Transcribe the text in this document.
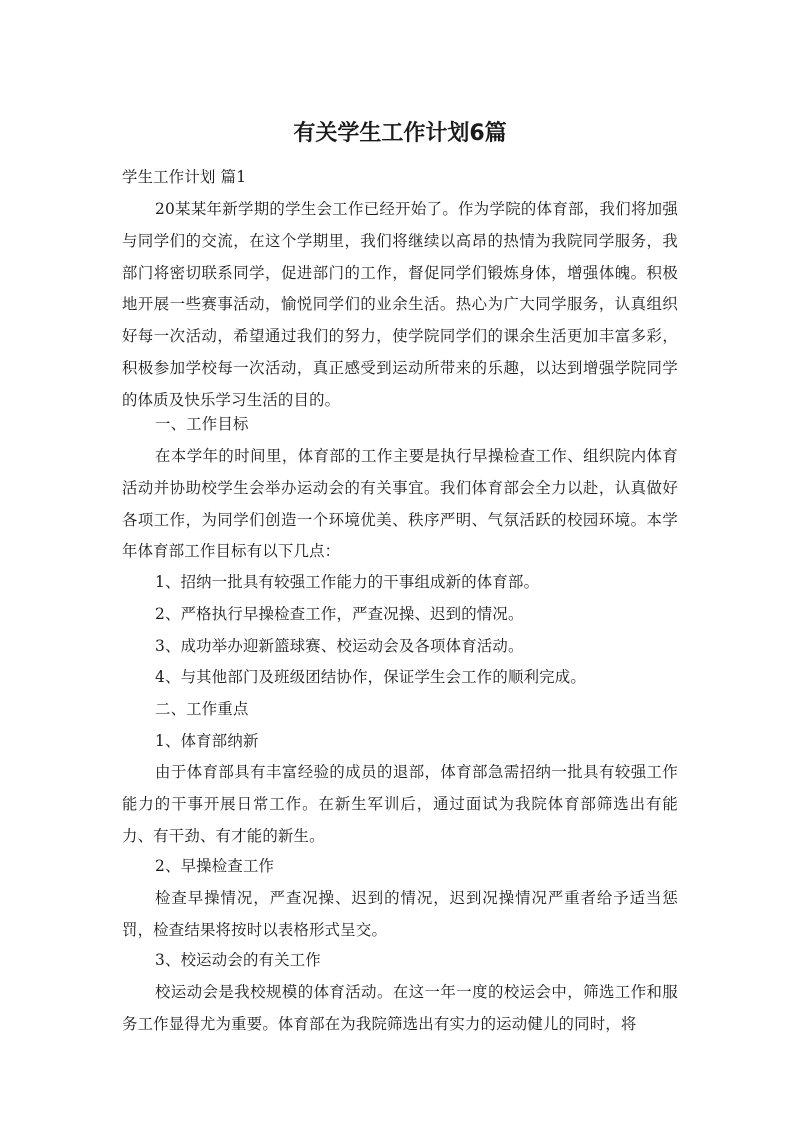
有关学生工作计划6篇
学生工作计划 篇1

20某某年新学期的学生会工作已经开始了。作为学院的体育部，我们将加强与同学们的交流，在这个学期里，我们将继续以高昂的热情为我院同学服务，我部门将密切联系同学，促进部门的工作，督促同学们锻炼身体，增强体魄。积极地开展一些赛事活动，愉悦同学们的业余生活。热心为广大同学服务，认真组织好每一次活动，希望通过我们的努力，使学院同学们的课余生活更加丰富多彩，积极参加学校每一次活动，真正感受到运动所带来的乐趣，以达到增强学院同学的体质及快乐学习生活的目的。

一、工作目标

在本学年的时间里，体育部的工作主要是执行早操检查工作、组织院内体育活动并协助校学生会举办运动会的有关事宜。我们体育部会全力以赴，认真做好各项工作，为同学们创造一个环境优美、秩序严明、气氛活跃的校园环境。本学年体育部工作目标有以下几点：

1、招纳一批具有较强工作能力的干事组成新的体育部。

2、严格执行早操检查工作，严查况操、迟到的情况。

3、成功举办迎新篮球赛、校运动会及各项体育活动。

4、与其他部门及班级团结协作，保证学生会工作的顺利完成。

二、工作重点

1、体育部纳新

由于体育部具有丰富经验的成员的退部，体育部急需招纳一批具有较强工作能力的干事开展日常工作。在新生军训后，通过面试为我院体育部筛选出有能力、有干劲、有才能的新生。

2、早操检查工作

检查早操情况，严查况操、迟到的情况，迟到况操情况严重者给予适当惩罚，检查结果将按时以表格形式呈交。

3、校运动会的有关工作

校运动会是我校规模的体育活动。在这一年一度的校运会中，筛选工作和服务工作显得尤为重要。体育部在为我院筛选出有实力的运动健儿的同时，将
